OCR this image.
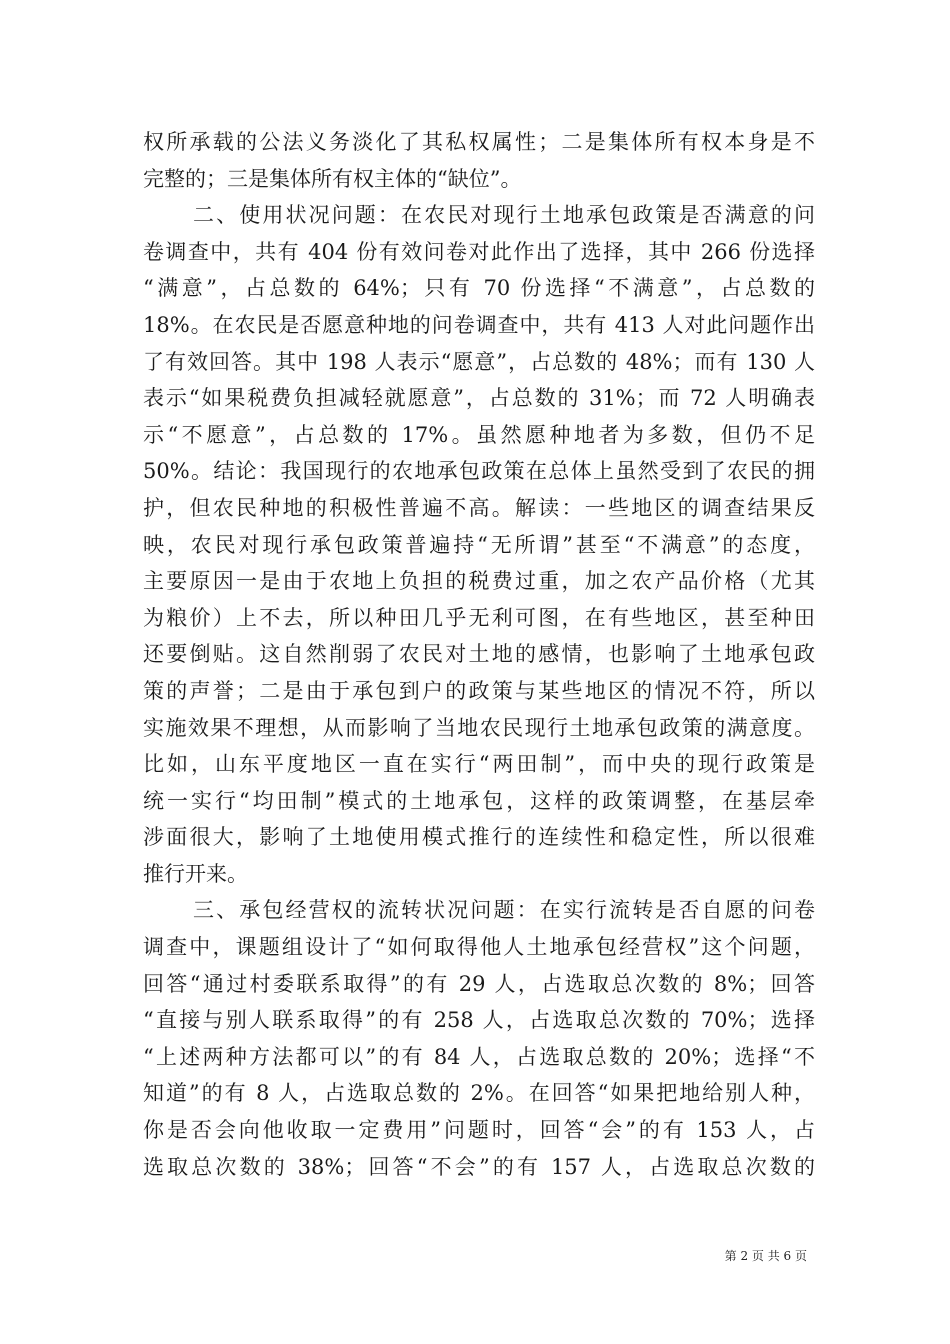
权所承载的公法义务淡化了其私权属性；二是集体所有权本身是不
完整的；三是集体所有权主体的“缺位”。
二、使用状况问题：在农民对现行土地承包政策是否满意的问
卷调查中，共有 404 份有效问卷对此作出了选择，其中 266 份选择
“满意”，占总数的 64%；只有 70 份选择“不满意”，占总数的
18%。在农民是否愿意种地的问卷调查中，共有 413 人对此问题作出
了有效回答。其中 198 人表示“愿意”，占总数的 48%；而有 130 人
表示“如果税费负担减轻就愿意”，占总数的 31%；而 72 人明确表
示“不愿意”，占总数的 17%。虽然愿种地者为多数，但仍不足
50%。结论：我国现行的农地承包政策在总体上虽然受到了农民的拥
护，但农民种地的积极性普遍不高。解读：一些地区的调查结果反
映，农民对现行承包政策普遍持“无所谓”甚至“不满意”的态度，
主要原因一是由于农地上负担的税费过重，加之农产品价格（尤其
为粮价）上不去，所以种田几乎无利可图，在有些地区，甚至种田
还要倒贴。这自然削弱了农民对土地的感情，也影响了土地承包政
策的声誉；二是由于承包到户的政策与某些地区的情况不符，所以
实施效果不理想，从而影响了当地农民现行土地承包政策的满意度。
比如，山东平度地区一直在实行“两田制”，而中央的现行政策是
统一实行“均田制”模式的土地承包，这样的政策调整，在基层牵
涉面很大，影响了土地使用模式推行的连续性和稳定性，所以很难
推行开来。
三、承包经营权的流转状况问题：在实行流转是否自愿的问卷
调查中，课题组设计了“如何取得他人土地承包经营权”这个问题，
回答“通过村委联系取得”的有 29 人，占选取总次数的 8%；回答
“直接与别人联系取得”的有 258 人，占选取总次数的 70%；选择
“上述两种方法都可以”的有 84 人，占选取总数的 20%；选择“不
知道”的有 8 人，占选取总数的 2%。在回答“如果把地给别人种，
你是否会向他收取一定费用”问题时，回答“会”的有 153 人，占
选取总次数的 38%；回答“不会”的有 157 人，占选取总次数的
第 2 页 共 6 页
